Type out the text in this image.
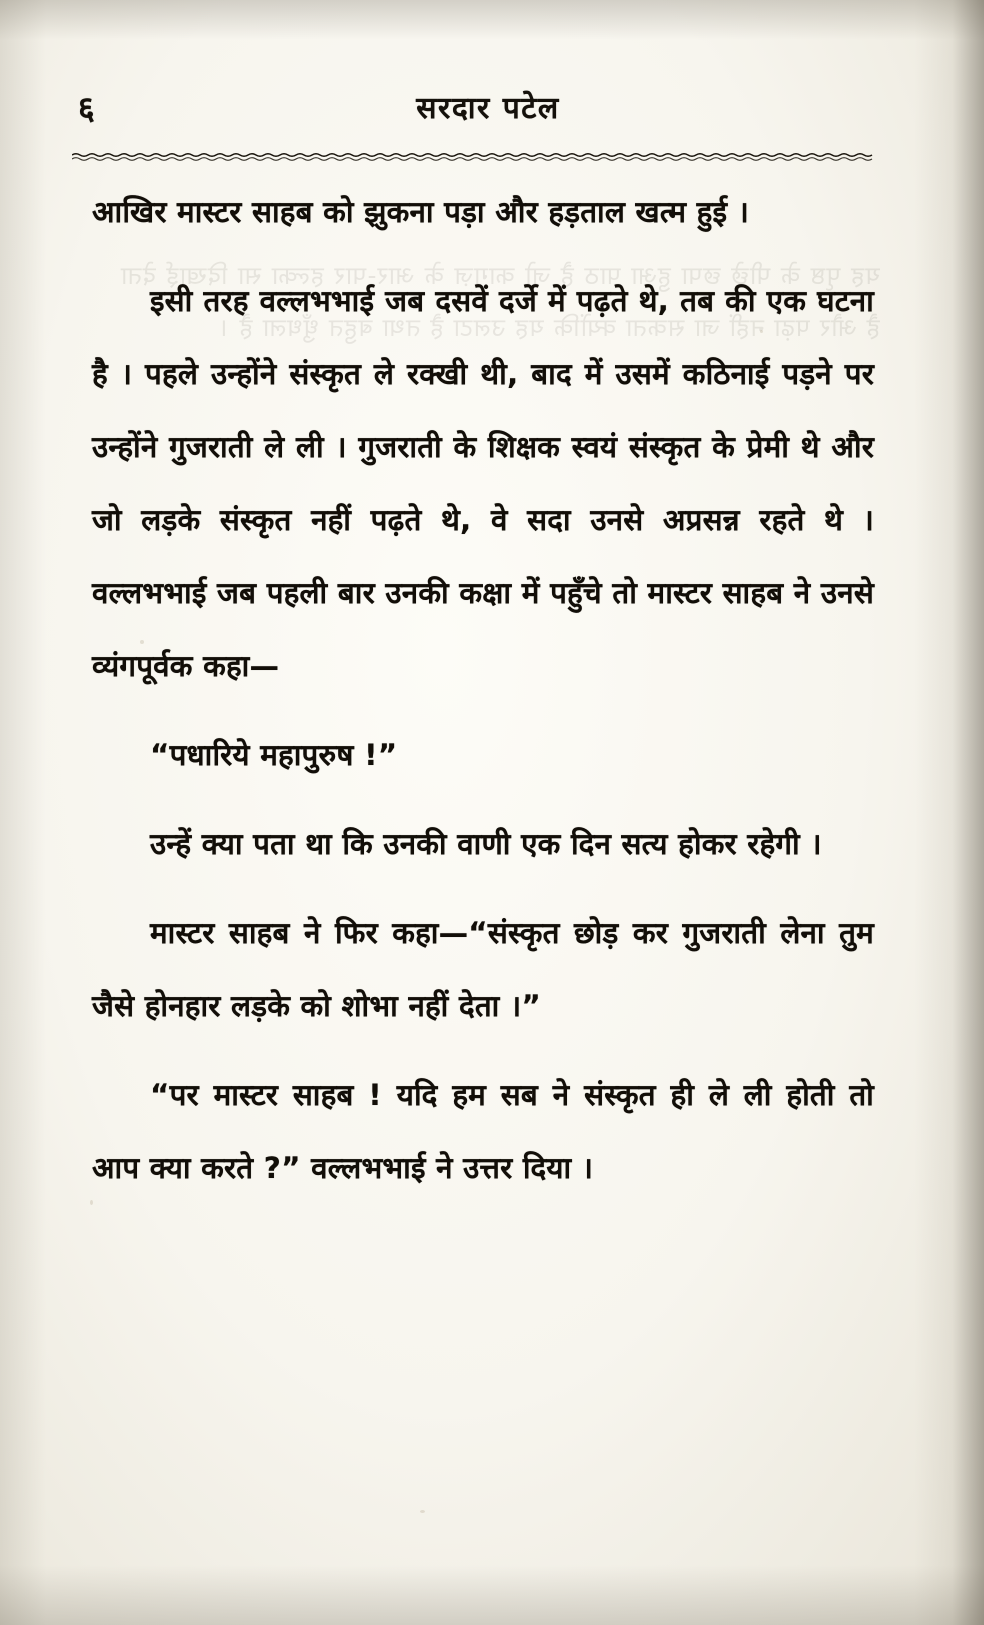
६	सरदार पटेल

आखिर मास्टर साहब को झुकना पड़ा और हड़ताल खत्म हुई ।

इसी तरह वल्लभभाई जब दसवें दर्जे में पढ़ते थे, तब की एक घटना है । पहले उन्होंने संस्कृत ले रक्खी थी, बाद में उसमें कठिनाई पड़ने पर उन्होंने गुजराती ले ली । गुजराती के शिक्षक स्वयं संस्कृत के प्रेमी थे और जो लड़के संस्कृत नहीं पढ़ते थे, वे सदा उनसे अप्रसन्न रहते थे । वल्लभभाई जब पहली बार उनकी कक्षा में पहुँचे तो मास्टर साहब ने उनसे व्यंगपूर्वक कहा—

“पधारिये महापुरुष !”

उन्हें क्या पता था कि उनकी वाणी एक दिन सत्य होकर रहेगी ।

मास्टर साहब ने फिर कहा—“संस्कृत छोड़ कर गुजराती लेना तुम जैसे होनहार लड़के को शोभा नहीं देता ।”

“पर मास्टर साहब ! यदि हम सब ने संस्कृत ही ले ली होती तो आप क्या करते ?” वल्लभभाई ने उत्तर दिया ।
